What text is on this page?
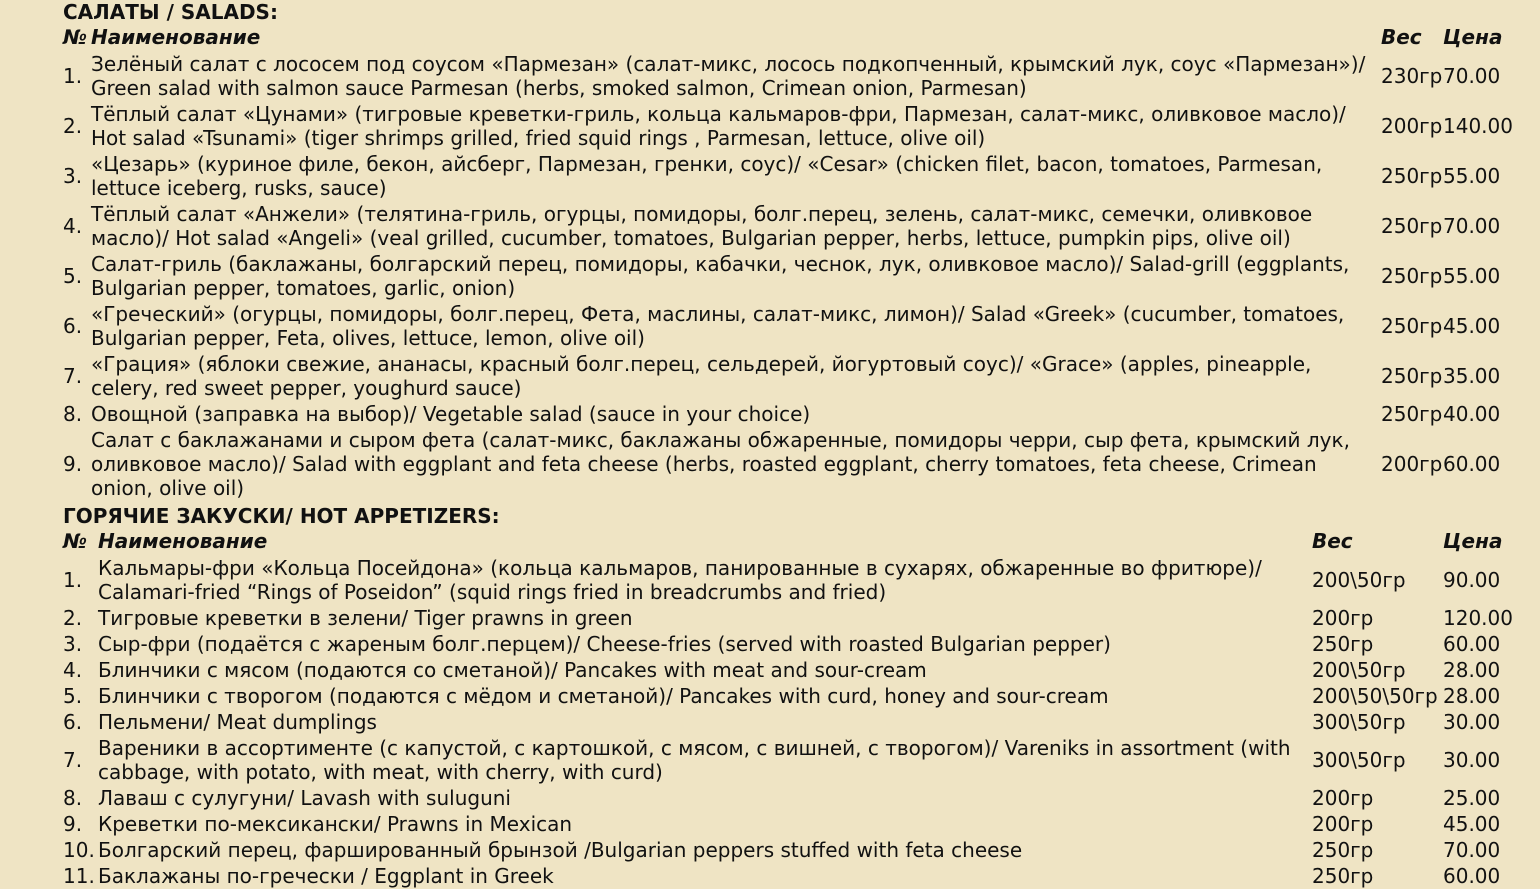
САЛАТЫ / SALADS:
№	Наименование	Вес	Цена
1.	Зелёный салат с лососем под соусом «Пармезан» (салат-микс, лосось подкопченный, крымский лук, соус «Пармезан»)/ Green salad with salmon sauce Parmesan (herbs, smoked salmon, Crimean onion, Parmesan)	230гр	70.00
2.	Тёплый салат «Цунами» (тигровые креветки-гриль, кольца кальмаров-фри, Пармезан, салат-микс, оливковое масло)/ Hot salad «Tsunami» (tiger shrimps grilled, fried squid rings , Parmesan, lettuce, olive oil)	200гр	140.00
3.	«Цезарь» (куриное филе, бекон, айсберг, Пармезан, гренки, соус)/ «Cesar» (chicken filet, bacon, tomatoes, Parmesan, lettuce iceberg, rusks, sauce)	250гр	55.00
4.	Тёплый салат «Анжели» (телятина-гриль, огурцы, помидоры, болг.перец, зелень, салат-микс, семечки, оливковое масло)/ Hot salad «Angeli» (veal grilled, cucumber, tomatoes, Bulgarian pepper, herbs, lettuce, pumpkin pips, olive oil)	250гр	70.00
5.	Салат-гриль (баклажаны, болгарский перец, помидоры, кабачки, чеснок, лук, оливковое масло)/ Salad-grill (eggplants, Bulgarian pepper, tomatoes, garlic, onion)	250гр	55.00
6.	«Греческий» (огурцы, помидоры, болг.перец, Фета, маслины, салат-микс, лимон)/ Salad «Greek» (cucumber, tomatoes, Bulgarian pepper, Feta, olives, lettuce, lemon, olive oil)	250гр	45.00
7.	«Грация» (яблоки свежие, ананасы, красный болг.перец, сельдерей, йогуртовый соус)/ «Grace» (apples, pineapple, celery, red sweet pepper, youghurd sauce)	250гр	35.00
8.	Овощной (заправка на выбор)/ Vegetable salad (sauce in your choice)	250гр	40.00
9.	Салат с баклажанами и сыром фета (салат-микс, баклажаны обжаренные, помидоры черри, сыр фета, крымский лук, оливковое масло)/ Salad with eggplant and feta cheese (herbs, roasted eggplant, cherry tomatoes, feta cheese, Crimean onion, olive oil)	200гр	60.00
ГОРЯЧИЕ ЗАКУСКИ/ HOT APPETIZERS:
№	Наименование	Вес	Цена
1.	Кальмары-фри «Кольца Посейдона» (кольца кальмаров, панированные в сухарях, обжаренные во фритюре)/ Calamari-fried “Rings of Poseidon” (squid rings fried in breadcrumbs and fried)	200\50гр	90.00
2.	Тигровые креветки в зелени/ Tiger prawns in green	200гр	120.00
3.	Сыр-фри (подаётся с жареным болг.перцем)/ Cheese-fries (served with roasted Bulgarian pepper)	250гр	60.00
4.	Блинчики с мясом (подаются со сметаной)/ Pancakes with meat and sour-cream	200\50гр	28.00
5.	Блинчики с творогом (подаются с мёдом и сметаной)/ Pancakes with curd, honey and sour-cream	200\50\50гр	28.00
6.	Пельмени/ Meat dumplings	300\50гр	30.00
7.	Вареники в ассортименте (с капустой, с картошкой, с мясом, с вишней, с творогом)/ Vareniks in assortment (with cabbage, with potato, with meat, with cherry, with curd)	300\50гр	30.00
8.	Лаваш с сулугуни/ Lavash with suluguni	200гр	25.00
9.	Креветки по-мексикански/ Prawns in Mexican	200гр	45.00
10.	Болгарский перец, фаршированный брынзой /Bulgarian peppers stuffed with feta cheese	250гр	70.00
11.	Баклажаны по-гречески / Eggplant in Greek	250гр	60.00
